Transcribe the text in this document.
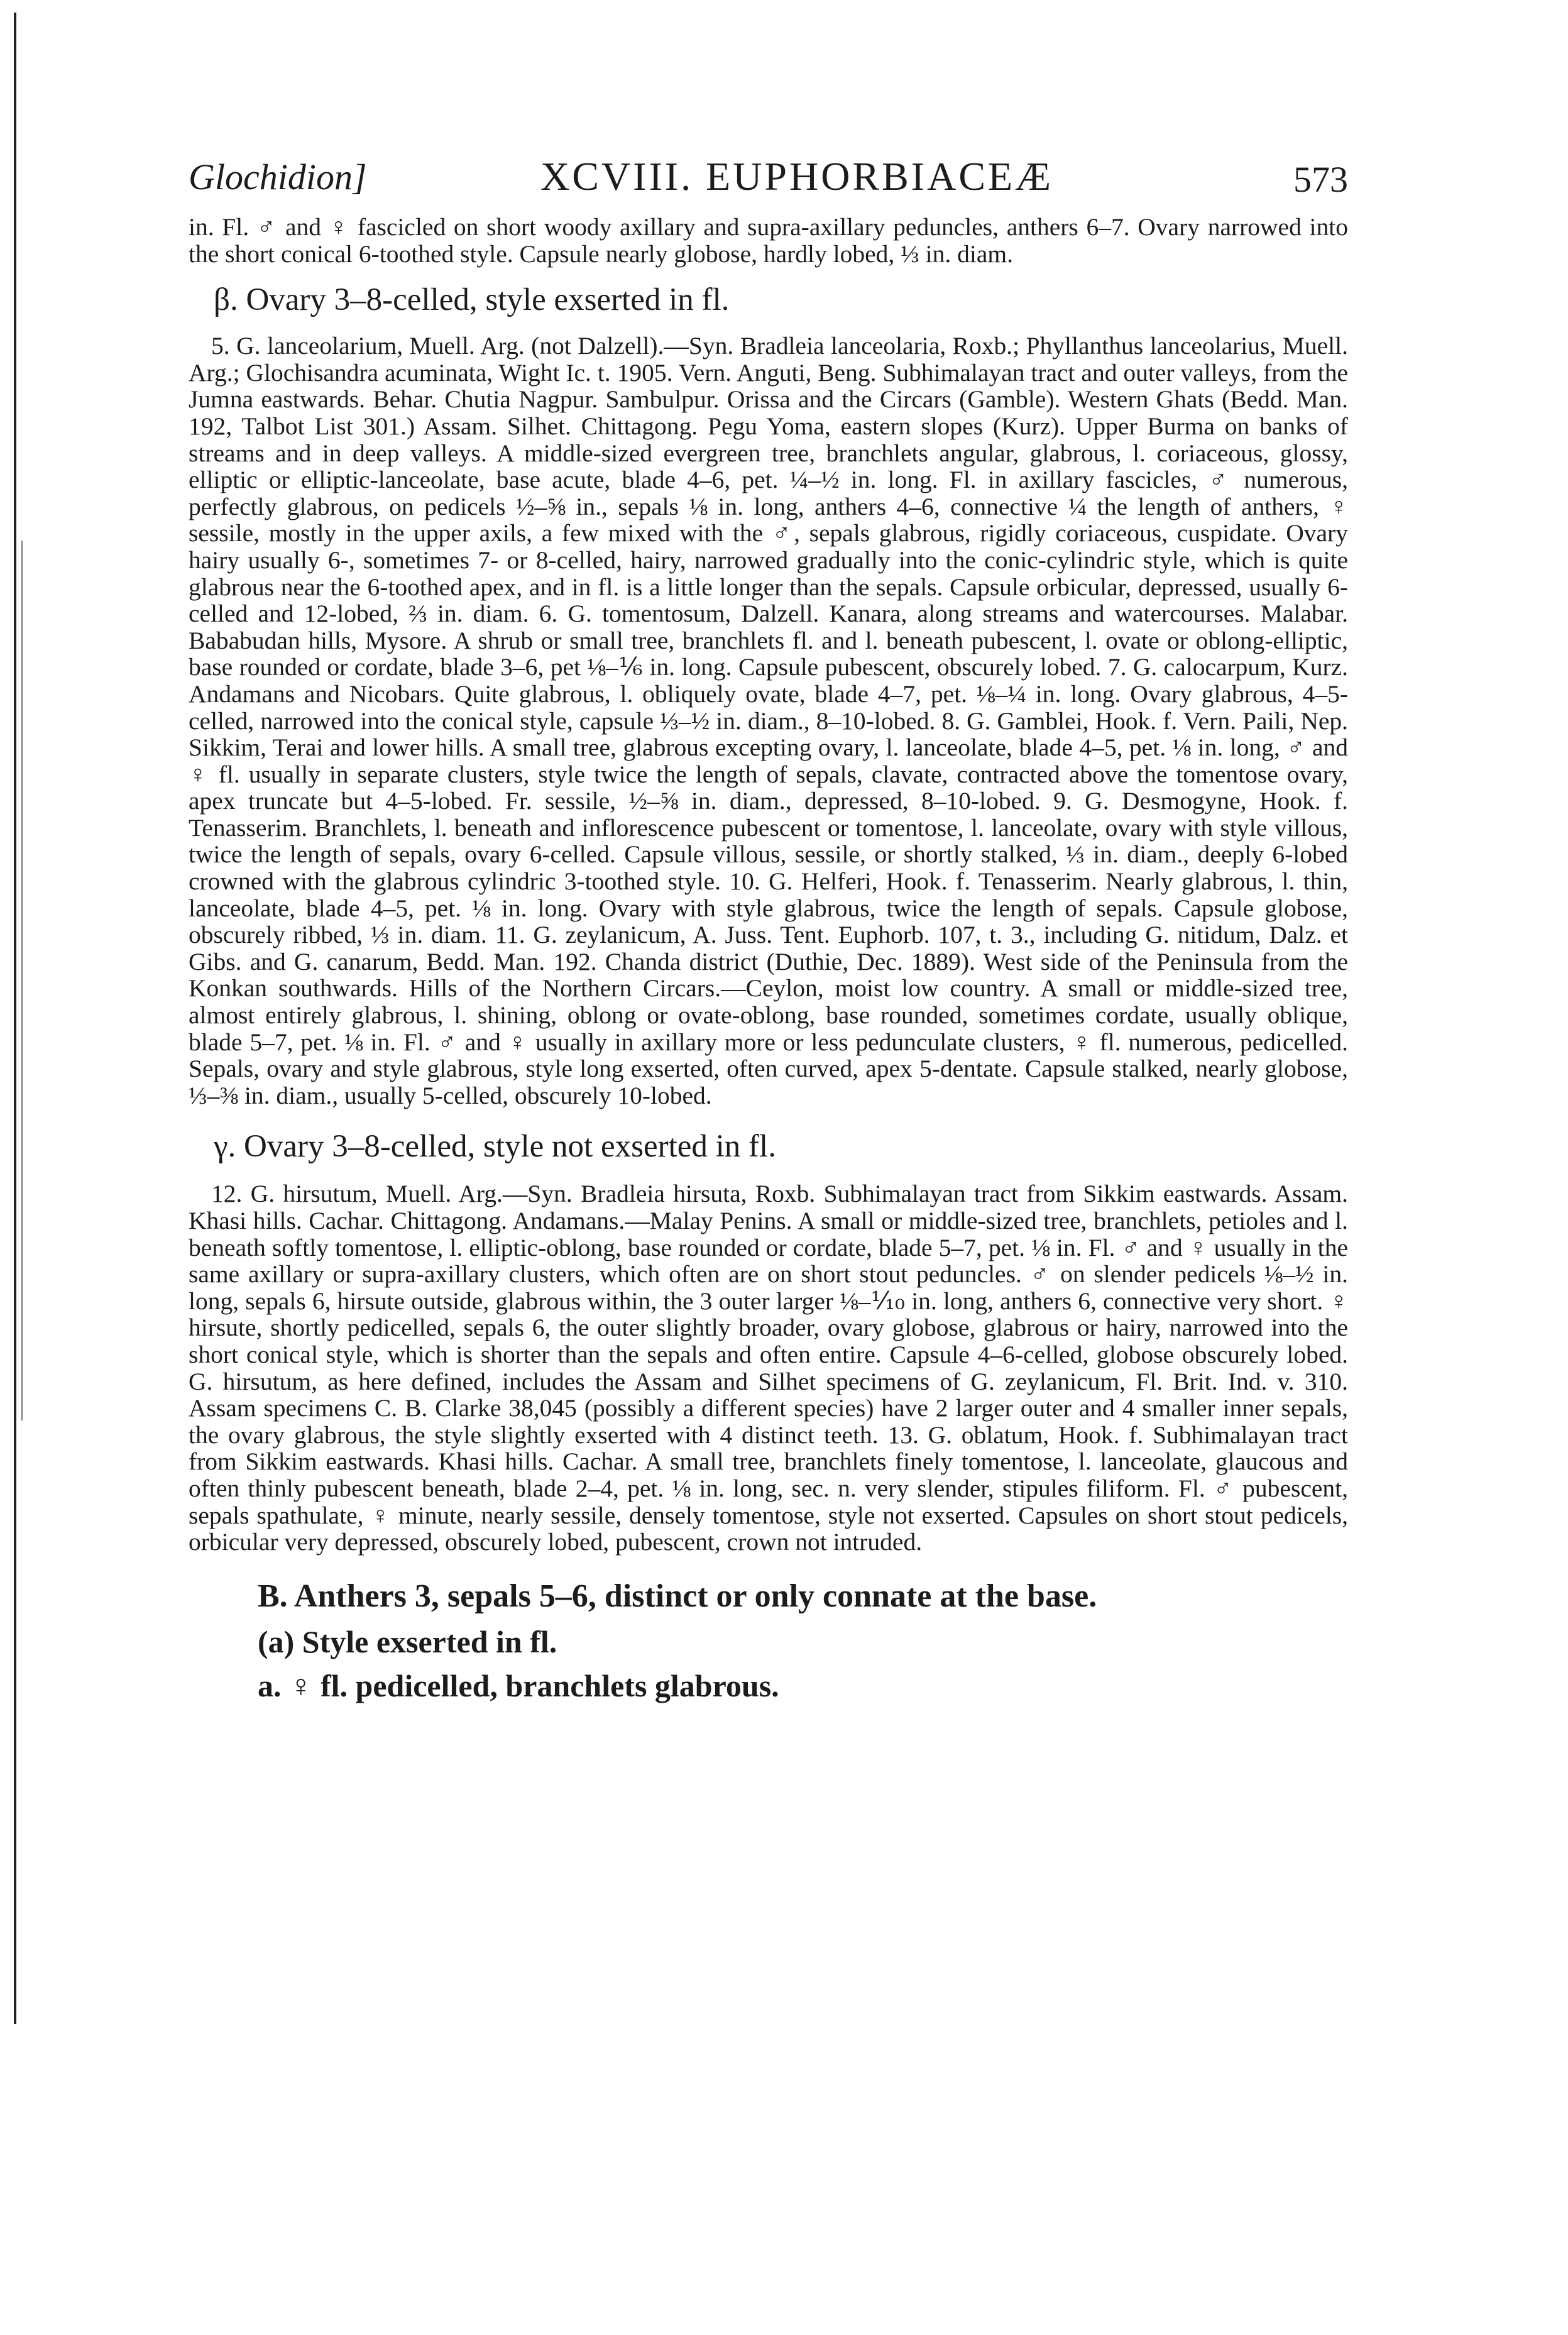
Glochidion]	XCVIII. EUPHORBIACEÆ	573

in. Fl. ♂ and ♀ fascicled on short woody axillary and supra-axillary peduncles, anthers 6–7. Ovary narrowed into the short conical 6-toothed style. Capsule nearly globose, hardly lobed, ⅓ in. diam.

β. Ovary 3–8-celled, style exserted in fl.

5. G. lanceolarium, Muell. Arg. (not Dalzell).—Syn. Bradleia lanceolaria, Roxb.; Phyllanthus lanceolarius, Muell. Arg.; Glochisandra acuminata, Wight Ic. t. 1905. Vern. Anguti, Beng. Subhimalayan tract and outer valleys, from the Jumna eastwards. Behar. Chutia Nagpur. Sambulpur. Orissa and the Circars (Gamble). Western Ghats (Bedd. Man. 192, Talbot List 301.) Assam. Silhet. Chittagong. Pegu Yoma, eastern slopes (Kurz). Upper Burma on banks of streams and in deep valleys. A middle-sized evergreen tree, branchlets angular, glabrous, l. coriaceous, glossy, elliptic or elliptic-lanceolate, base acute, blade 4–6, pet. ¼–½ in. long. Fl. in axillary fascicles, ♂ numerous, perfectly glabrous, on pedicels ½–⅝ in., sepals ⅛ in. long, anthers 4–6, connective ¼ the length of anthers, ♀ sessile, mostly in the upper axils, a few mixed with the ♂, sepals glabrous, rigidly coriaceous, cuspidate. Ovary hairy usually 6-, sometimes 7- or 8-celled, hairy, narrowed gradually into the conic-cylindric style, which is quite glabrous near the 6-toothed apex, and in fl. is a little longer than the sepals. Capsule orbicular, depressed, usually 6-celled and 12-lobed, ⅔ in. diam. 6. G. tomentosum, Dalzell. Kanara, along streams and watercourses. Malabar. Bababudan hills, Mysore. A shrub or small tree, branchlets fl. and l. beneath pubescent, l. ovate or oblong-elliptic, base rounded or cordate, blade 3–6, pet ⅛–⅙ in. long. Capsule pubescent, obscurely lobed. 7. G. calocarpum, Kurz. Andamans and Nicobars. Quite glabrous, l. obliquely ovate, blade 4–7, pet. ⅛–¼ in. long. Ovary glabrous, 4–5-celled, narrowed into the conical style, capsule ⅓–½ in. diam., 8–10-lobed. 8. G. Gamblei, Hook. f. Vern. Paili, Nep. Sikkim, Terai and lower hills. A small tree, glabrous excepting ovary, l. lanceolate, blade 4–5, pet. ⅛ in. long, ♂ and ♀ fl. usually in separate clusters, style twice the length of sepals, clavate, contracted above the tomentose ovary, apex truncate but 4–5-lobed. Fr. sessile, ½–⅝ in. diam., depressed, 8–10-lobed. 9. G. Desmogyne, Hook. f. Tenasserim. Branchlets, l. beneath and inflorescence pubescent or tomentose, l. lanceolate, ovary with style villous, twice the length of sepals, ovary 6-celled. Capsule villous, sessile, or shortly stalked, ⅓ in. diam., deeply 6-lobed crowned with the glabrous cylindric 3-toothed style. 10. G. Helferi, Hook. f. Tenasserim. Nearly glabrous, l. thin, lanceolate, blade 4–5, pet. ⅛ in. long. Ovary with style glabrous, twice the length of sepals. Capsule globose, obscurely ribbed, ⅓ in. diam. 11. G. zeylanicum, A. Juss. Tent. Euphorb. 107, t. 3., including G. nitidum, Dalz. et Gibs. and G. canarum, Bedd. Man. 192. Chanda district (Duthie, Dec. 1889). West side of the Peninsula from the Konkan southwards. Hills of the Northern Circars.—Ceylon, moist low country. A small or middle-sized tree, almost entirely glabrous, l. shining, oblong or ovate-oblong, base rounded, sometimes cordate, usually oblique, blade 5–7, pet. ⅛ in. Fl. ♂ and ♀ usually in axillary more or less pedunculate clusters, ♀ fl. numerous, pedicelled. Sepals, ovary and style glabrous, style long exserted, often curved, apex 5-dentate. Capsule stalked, nearly globose, ⅓–⅜ in. diam., usually 5-celled, obscurely 10-lobed.

γ. Ovary 3–8-celled, style not exserted in fl.

12. G. hirsutum, Muell. Arg.—Syn. Bradleia hirsuta, Roxb. Subhimalayan tract from Sikkim eastwards. Assam. Khasi hills. Cachar. Chittagong. Andamans.—Malay Penins. A small or middle-sized tree, branchlets, petioles and l. beneath softly tomentose, l. elliptic-oblong, base rounded or cordate, blade 5–7, pet. ⅛ in. Fl. ♂ and ♀ usually in the same axillary or supra-axillary clusters, which often are on short stout peduncles. ♂ on slender pedicels ⅛–½ in. long, sepals 6, hirsute outside, glabrous within, the 3 outer larger ⅛–⅒ in. long, anthers 6, connective very short. ♀ hirsute, shortly pedicelled, sepals 6, the outer slightly broader, ovary globose, glabrous or hairy, narrowed into the short conical style, which is shorter than the sepals and often entire. Capsule 4–6-celled, globose obscurely lobed. G. hirsutum, as here defined, includes the Assam and Silhet specimens of G. zeylanicum, Fl. Brit. Ind. v. 310. Assam specimens C. B. Clarke 38,045 (possibly a different species) have 2 larger outer and 4 smaller inner sepals, the ovary glabrous, the style slightly exserted with 4 distinct teeth. 13. G. oblatum, Hook. f. Subhimalayan tract from Sikkim eastwards. Khasi hills. Cachar. A small tree, branchlets finely tomentose, l. lanceolate, glaucous and often thinly pubescent beneath, blade 2–4, pet. ⅛ in. long, sec. n. very slender, stipules filiform. Fl. ♂ pubescent, sepals spathulate, ♀ minute, nearly sessile, densely tomentose, style not exserted. Capsules on short stout pedicels, orbicular very depressed, obscurely lobed, pubescent, crown not intruded.

B. Anthers 3, sepals 5–6, distinct or only connate at the base.

(a) Style exserted in fl.

a. ♀ fl. pedicelled, branchlets glabrous.
